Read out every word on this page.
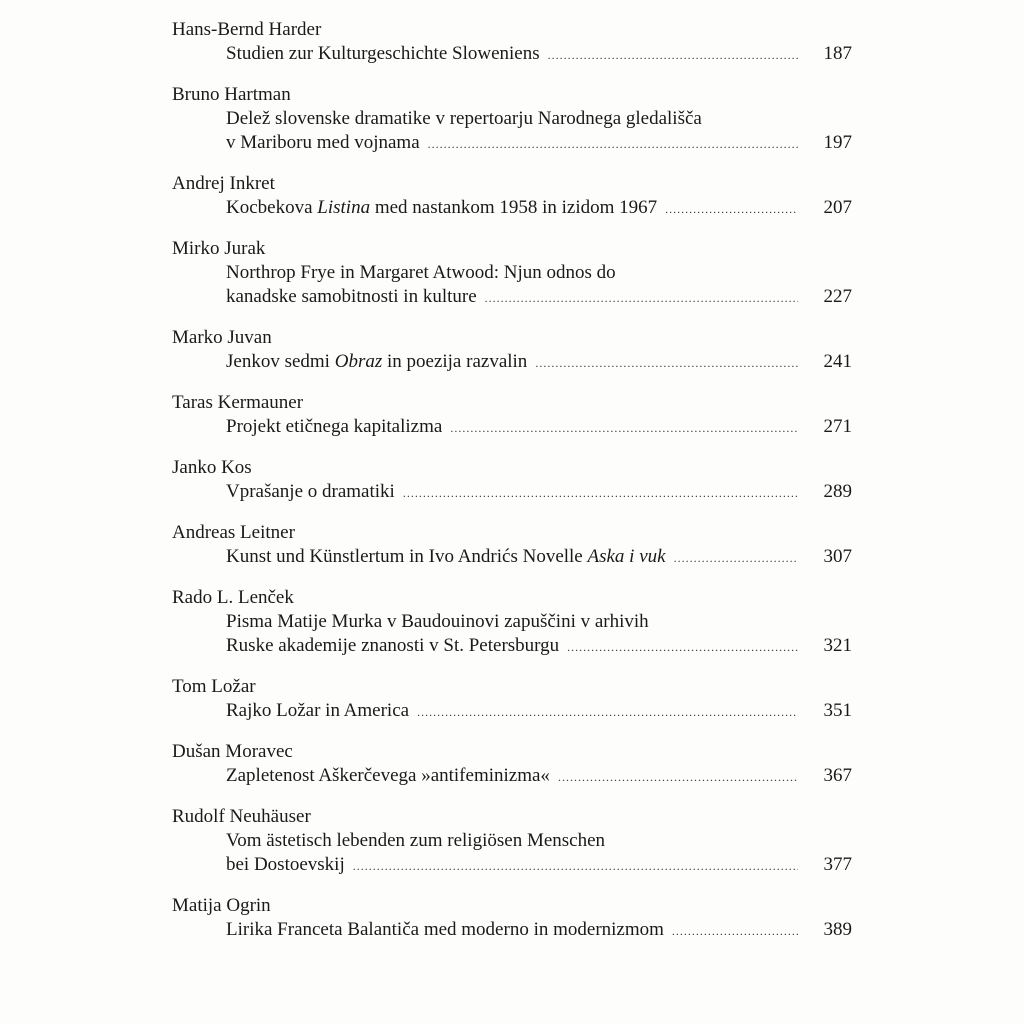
Hans-Bernd Harder
Studien zur Kulturgeschichte Sloweniens .....	187
Bruno Hartman
Delež slovenske dramatike v repertoarju Narodnega gledališča
v Mariboru med vojnama .....	197
Andrej Inkret
Kocbekova Listina med nastankom 1958 in izidom 1967 .....	207
Mirko Jurak
Northrop Frye in Margaret Atwood: Njun odnos do
kanadske samobitnosti in kulture .....	227
Marko Juvan
Jenkov sedmi Obraz in poezija razvalin .....	241
Taras Kermauner
Projekt etičnega kapitalizma .....	271
Janko Kos
Vprašanje o dramatiki .....	289
Andreas Leitner
Kunst und Künstlertum in Ivo Andrićs Novelle Aska i vuk .....	307
Rado L. Lenček
Pisma Matije Murka v Baudouinovi zapuščini v arhivih
Ruske akademije znanosti v St. Petersburgu .....	321
Tom Ložar
Rajko Ložar in America .....	351
Dušan Moravec
Zapletenost Aškerčevega »antifeminizma« .....	367
Rudolf Neuhäuser
Vom ästetisch lebenden zum religiösen Menschen
bei Dostoevskij .....	377
Matija Ogrin
Lirika Franceta Balantiča med moderno in modernizmom .....	389
